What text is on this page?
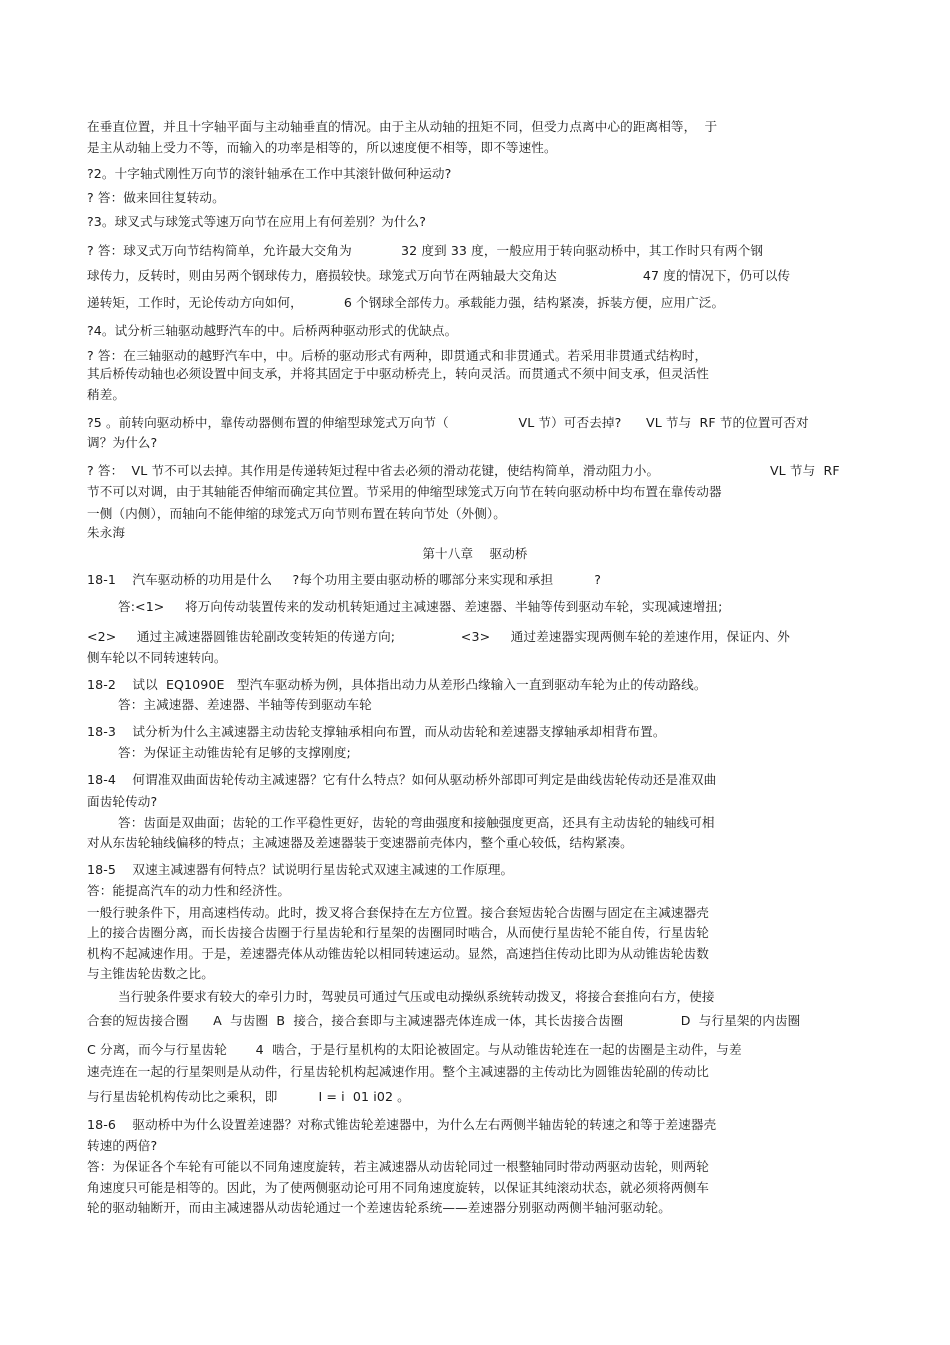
在垂直位置，并且十字轴平面与主动轴垂直的情况。由于主从动轴的扭矩不同，但受力点离中心的距离相等，  于
是主从动轴上受力不等，而输入的功率是相等的，所以速度便不相等，即不等速性。
?2。十字轴式刚性万向节的滚针轴承在工作中其滚针做何种运动?
? 答：做来回往复转动。
?3。球叉式与球笼式等速万向节在应用上有何差别？为什么?
? 答：球叉式万向节结构简单，允许最大交角为            32 度到 33 度，一般应用于转向驱动桥中，其工作时只有两个钢
球传力，反转时，则由另两个钢球传力，磨损较快。球笼式万向节在两轴最大交角达                     47 度的情况下，仍可以传
递转矩，工作时，无论传动方向如何，          6 个钢球全部传力。承载能力强，结构紧凑，拆装方便，应用广泛。
?4。试分析三轴驱动越野汽车的中。后桥两种驱动形式的优缺点。
? 答：在三轴驱动的越野汽车中，中。后桥的驱动形式有两种，即贯通式和非贯通式。若采用非贯通式结构时，
其后桥传动轴也必须设置中间支承，并将其固定于中驱动桥壳上，转向灵活。而贯通式不须中间支承，但灵活性
稍差。
?5 。前转向驱动桥中，靠传动器侧布置的伸缩型球笼式万向节（                 VL 节）可否去掉?      VL 节与  RF 节的位置可否对
调？为什么?
? 答：  VL 节不可以去掉。其作用是传递转矩过程中省去必须的滑动花键，使结构简单，滑动阻力小。                           VL 节与  RF
节不可以对调，由于其轴能否伸缩而确定其位置。节采用的伸缩型球笼式万向节在转向驱动桥中均布置在靠传动器
一侧（内侧），而轴向不能伸缩的球笼式万向节则布置在转向节处（外侧）。
朱永海
第十八章    驱动桥
18-1    汽车驱动桥的功用是什么     ?每个功用主要由驱动桥的哪部分来实现和承担          ?
答:<1>     将万向传动装置传来的发动机转矩通过主减速器、差速器、半轴等传到驱动车轮，实现减速增扭;
<2>     通过主减速器圆锥齿轮副改变转矩的传递方向;                <3>     通过差速器实现两侧车轮的差速作用，保证内、外
侧车轮以不同转速转向。
18-2    试以  EQ1090E   型汽车驱动桥为例，具体指出动力从差形凸缘输入一直到驱动车轮为止的传动路线。
答：主减速器、差速器、半轴等传到驱动车轮
18-3    试分析为什么主减速器主动齿轮支撑轴承相向布置，而从动齿轮和差速器支撑轴承却相背布置。
答：为保证主动锥齿轮有足够的支撑刚度;
18-4    何谓准双曲面齿轮传动主减速器？它有什么特点？如何从驱动桥外部即可判定是曲线齿轮传动还是准双曲
面齿轮传动?
答：齿面是双曲面；齿轮的工作平稳性更好，齿轮的弯曲强度和接触强度更高，还具有主动齿轮的轴线可相
对从东齿轮轴线偏移的特点；主减速器及差速器装于变速器前壳体内，整个重心较低，结构紧凑。
18-5    双速主减速器有何特点？试说明行星齿轮式双速主减速的工作原理。
答：能提高汽车的动力性和经济性。
一般行驶条件下，用高速档传动。此时，拨叉将合套保持在左方位置。接合套短齿轮合齿圈与固定在主减速器壳
上的接合齿圈分离，而长齿接合齿圈于行星齿轮和行星架的齿圈同时啮合，从而使行星齿轮不能自传，行星齿轮
机构不起减速作用。于是，差速器壳体从动锥齿轮以相同转速运动。显然，高速挡住传动比即为从动锥齿轮齿数
与主锥齿轮齿数之比。
当行驶条件要求有较大的牵引力时，驾驶员可通过气压或电动操纵系统转动拨叉，将接合套推向右方，使接
合套的短齿接合圈      A  与齿圈  B  接合，接合套即与主减速器壳体连成一体，其长齿接合齿圈              D  与行星架的内齿圈
C 分离，而今与行星齿轮       4  啮合，于是行星机构的太阳论被固定。与从动锥齿轮连在一起的齿圈是主动件，与差
速壳连在一起的行星架则是从动件，行星齿轮机构起减速作用。整个主减速器的主传动比为圆锥齿轮副的传动比
与行星齿轮机构传动比之乘积，即          I = i  01 i02 。
18-6    驱动桥中为什么设置差速器？对称式锥齿轮差速器中，为什么左右两侧半轴齿轮的转速之和等于差速器壳
转速的两倍?
答：为保证各个车轮有可能以不同角速度旋转，若主减速器从动齿轮同过一根整轴同时带动两驱动齿轮，则两轮
角速度只可能是相等的。因此，为了使两侧驱动论可用不同角速度旋转，以保证其纯滚动状态，就必须将两侧车
轮的驱动轴断开，而由主减速器从动齿轮通过一个差速齿轮系统——差速器分别驱动两侧半轴河驱动轮。
